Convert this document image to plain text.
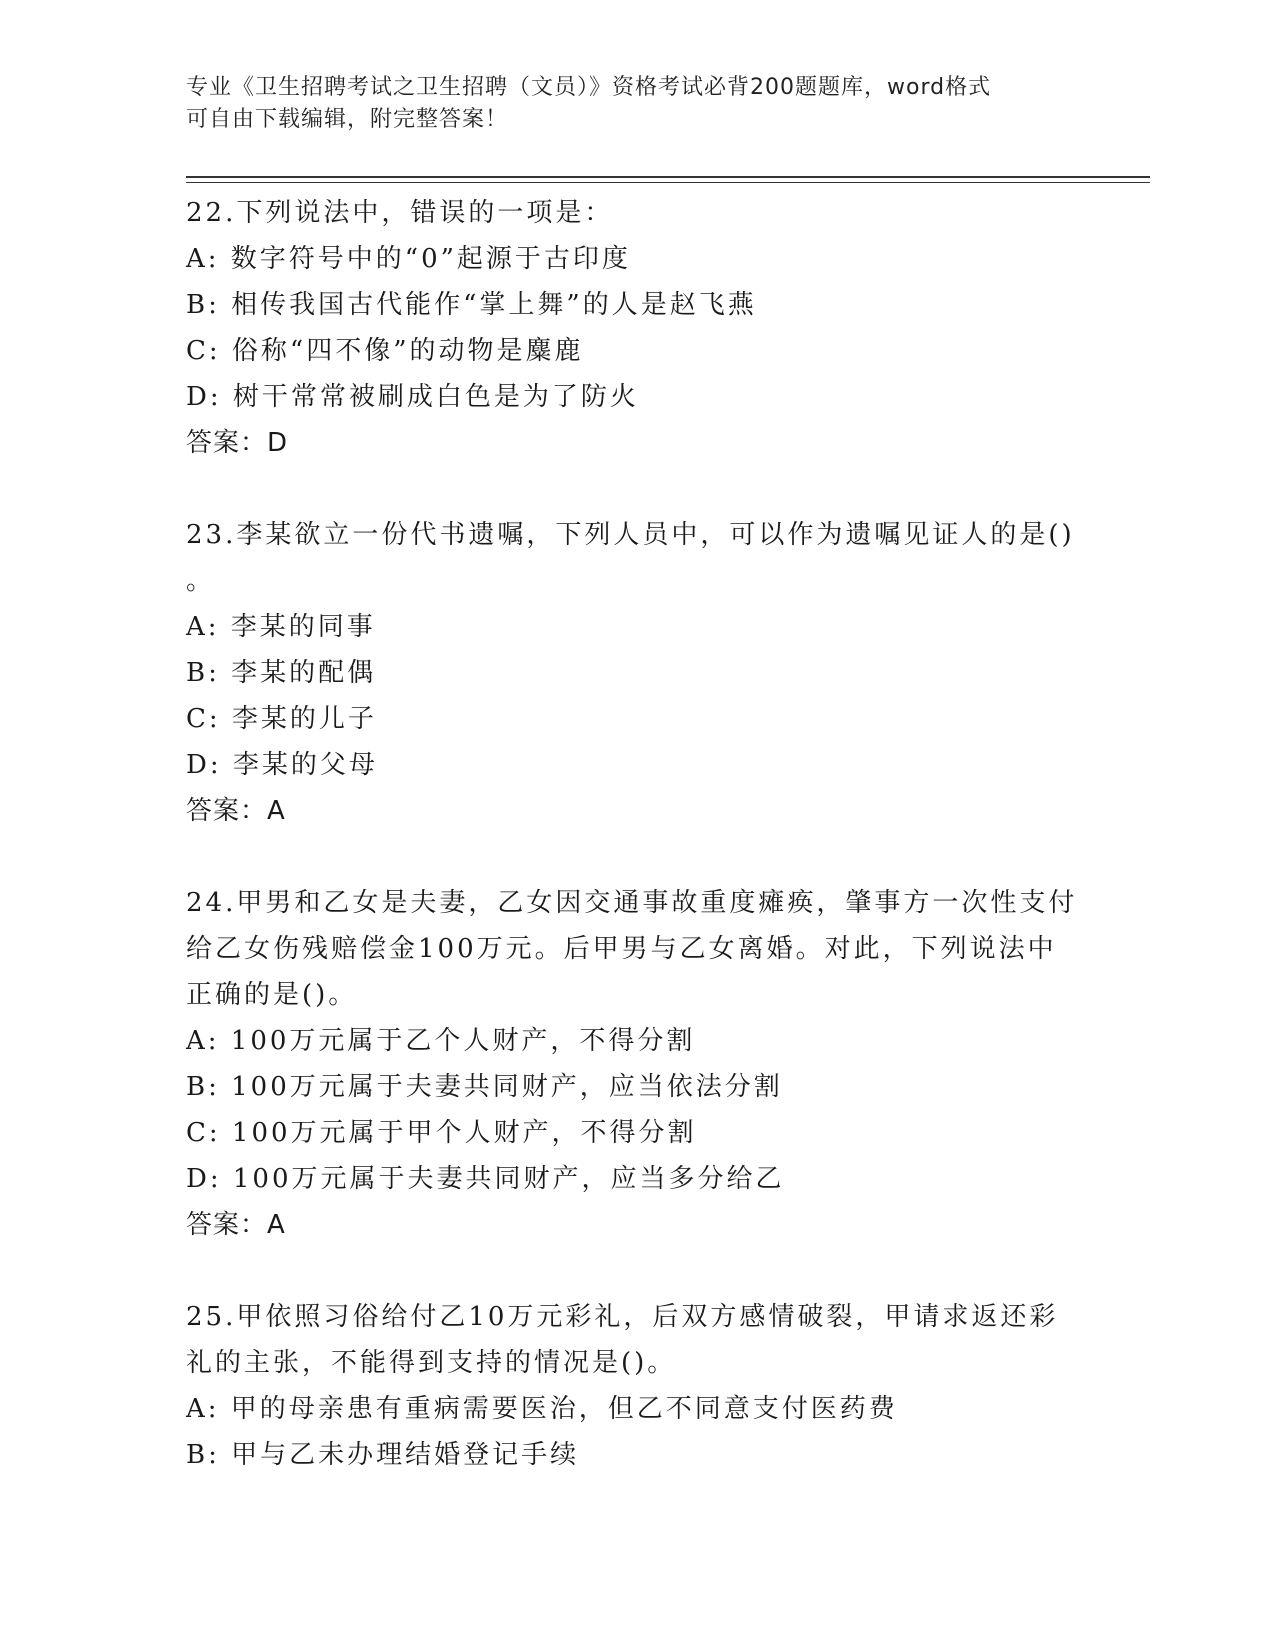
专业《卫生招聘考试之卫生招聘（文员）》资格考试必背200题题库，word格式
可自由下载编辑，附完整答案！
22.下列说法中，错误的一项是：
A: 数字符号中的“0”起源于古印度
B: 相传我国古代能作“掌上舞”的人是赵飞燕
C: 俗称“四不像”的动物是麋鹿
D: 树干常常被刷成白色是为了防火
答案：D
23.李某欲立一份代书遗嘱，下列人员中，可以作为遗嘱见证人的是()
。
A: 李某的同事
B: 李某的配偶
C: 李某的儿子
D: 李某的父母
答案：A
24.甲男和乙女是夫妻，乙女因交通事故重度瘫痪，肇事方一次性支付
给乙女伤残赔偿金100万元。后甲男与乙女离婚。对此，下列说法中
正确的是()。
A: 100万元属于乙个人财产，不得分割
B: 100万元属于夫妻共同财产，应当依法分割
C: 100万元属于甲个人财产，不得分割
D: 100万元属于夫妻共同财产，应当多分给乙
答案：A
25.甲依照习俗给付乙10万元彩礼，后双方感情破裂，甲请求返还彩
礼的主张，不能得到支持的情况是()。
A: 甲的母亲患有重病需要医治，但乙不同意支付医药费
B: 甲与乙未办理结婚登记手续
